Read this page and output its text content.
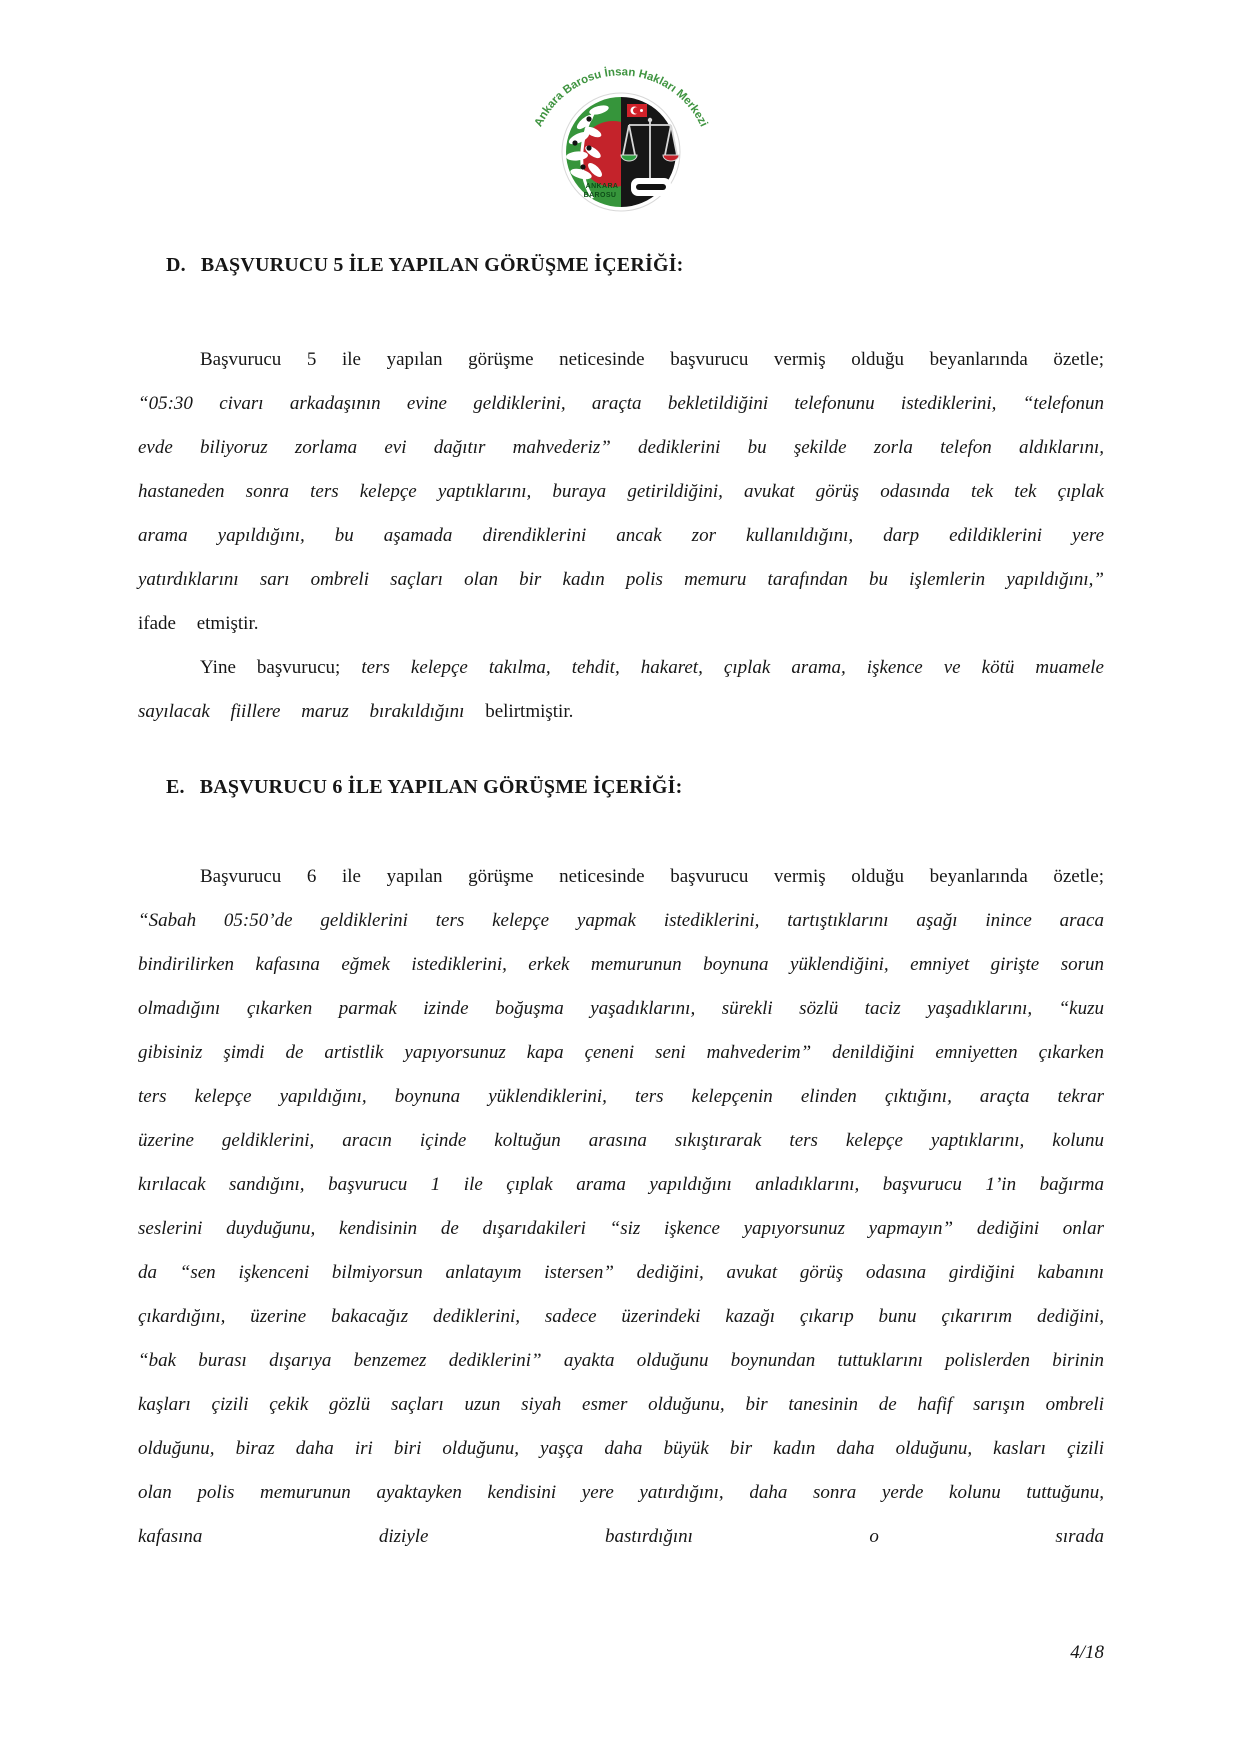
Ankara Barosu İnsan Hakları Merkezi
ANKARA
BAROSU
D. BAŞVURUCU 5 İLE YAPILAN GÖRÜŞME İÇERİĞİ:

Başvurucu 5 ile yapılan görüşme neticesinde başvurucu vermiş olduğu beyanlarında özetle; “05:30 civarı arkadaşının evine geldiklerini, araçta bekletildiğini telefonunu istediklerini, “telefonun evde biliyoruz zorlama evi dağıtır mahvederiz” dediklerini bu şekilde zorla telefon aldıklarını, hastaneden sonra ters kelepçe yaptıklarını, buraya getirildiğini, avukat görüş odasında tek tek çıplak arama yapıldığını, bu aşamada direndiklerini ancak zor kullanıldığını, darp edildiklerini yere yatırdıklarını sarı ombreli saçları olan bir kadın polis memuru tarafından bu işlemlerin yapıldığını,” ifade etmiştir.

Yine başvurucu; ters kelepçe takılma, tehdit, hakaret, çıplak arama, işkence ve kötü muamele sayılacak fiillere maruz bırakıldığını belirtmiştir.

E. BAŞVURUCU 6 İLE YAPILAN GÖRÜŞME İÇERİĞİ:

Başvurucu 6 ile yapılan görüşme neticesinde başvurucu vermiş olduğu beyanlarında özetle; “Sabah 05:50’de geldiklerini ters kelepçe yapmak istediklerini, tartıştıklarını aşağı inince araca bindirilirken kafasına eğmek istediklerini, erkek memurunun boynuna yüklendiğini, emniyet girişte sorun olmadığını çıkarken parmak izinde boğuşma yaşadıklarını, sürekli sözlü taciz yaşadıklarını, “kuzu gibisiniz şimdi de artistlik yapıyorsunuz kapa çeneni seni mahvederim” denildiğini emniyetten çıkarken ters kelepçe yapıldığını, boynuna yüklendiklerini, ters kelepçenin elinden çıktığını, araçta tekrar üzerine geldiklerini, aracın içinde koltuğun arasına sıkıştırarak ters kelepçe yaptıklarını, kolunu kırılacak sandığını, başvurucu 1 ile çıplak arama yapıldığını anladıklarını, başvurucu 1’in bağırma seslerini duyduğunu, kendisinin de dışarıdakileri “siz işkence yapıyorsunuz yapmayın” dediğini onlar da “sen işkenceni bilmiyorsun anlatayım istersen” dediğini, avukat görüş odasına girdiğini kabanını çıkardığını, üzerine bakacağız dediklerini, sadece üzerindeki kazağı çıkarıp bunu çıkarırım dediğini, “bak burası dışarıya benzemez dediklerini” ayakta olduğunu boynundan tuttuklarını polislerden birinin kaşları çizili çekik gözlü saçları uzun siyah esmer olduğunu, bir tanesinin de hafif sarışın ombreli olduğunu, biraz daha iri biri olduğunu, yaşça daha büyük bir kadın daha olduğunu, kasları çizili olan polis memurunun ayaktayken kendisini yere yatırdığını, daha sonra yerde kolunu tuttuğunu, kafasına diziyle bastırdığını o sırada

4/18
